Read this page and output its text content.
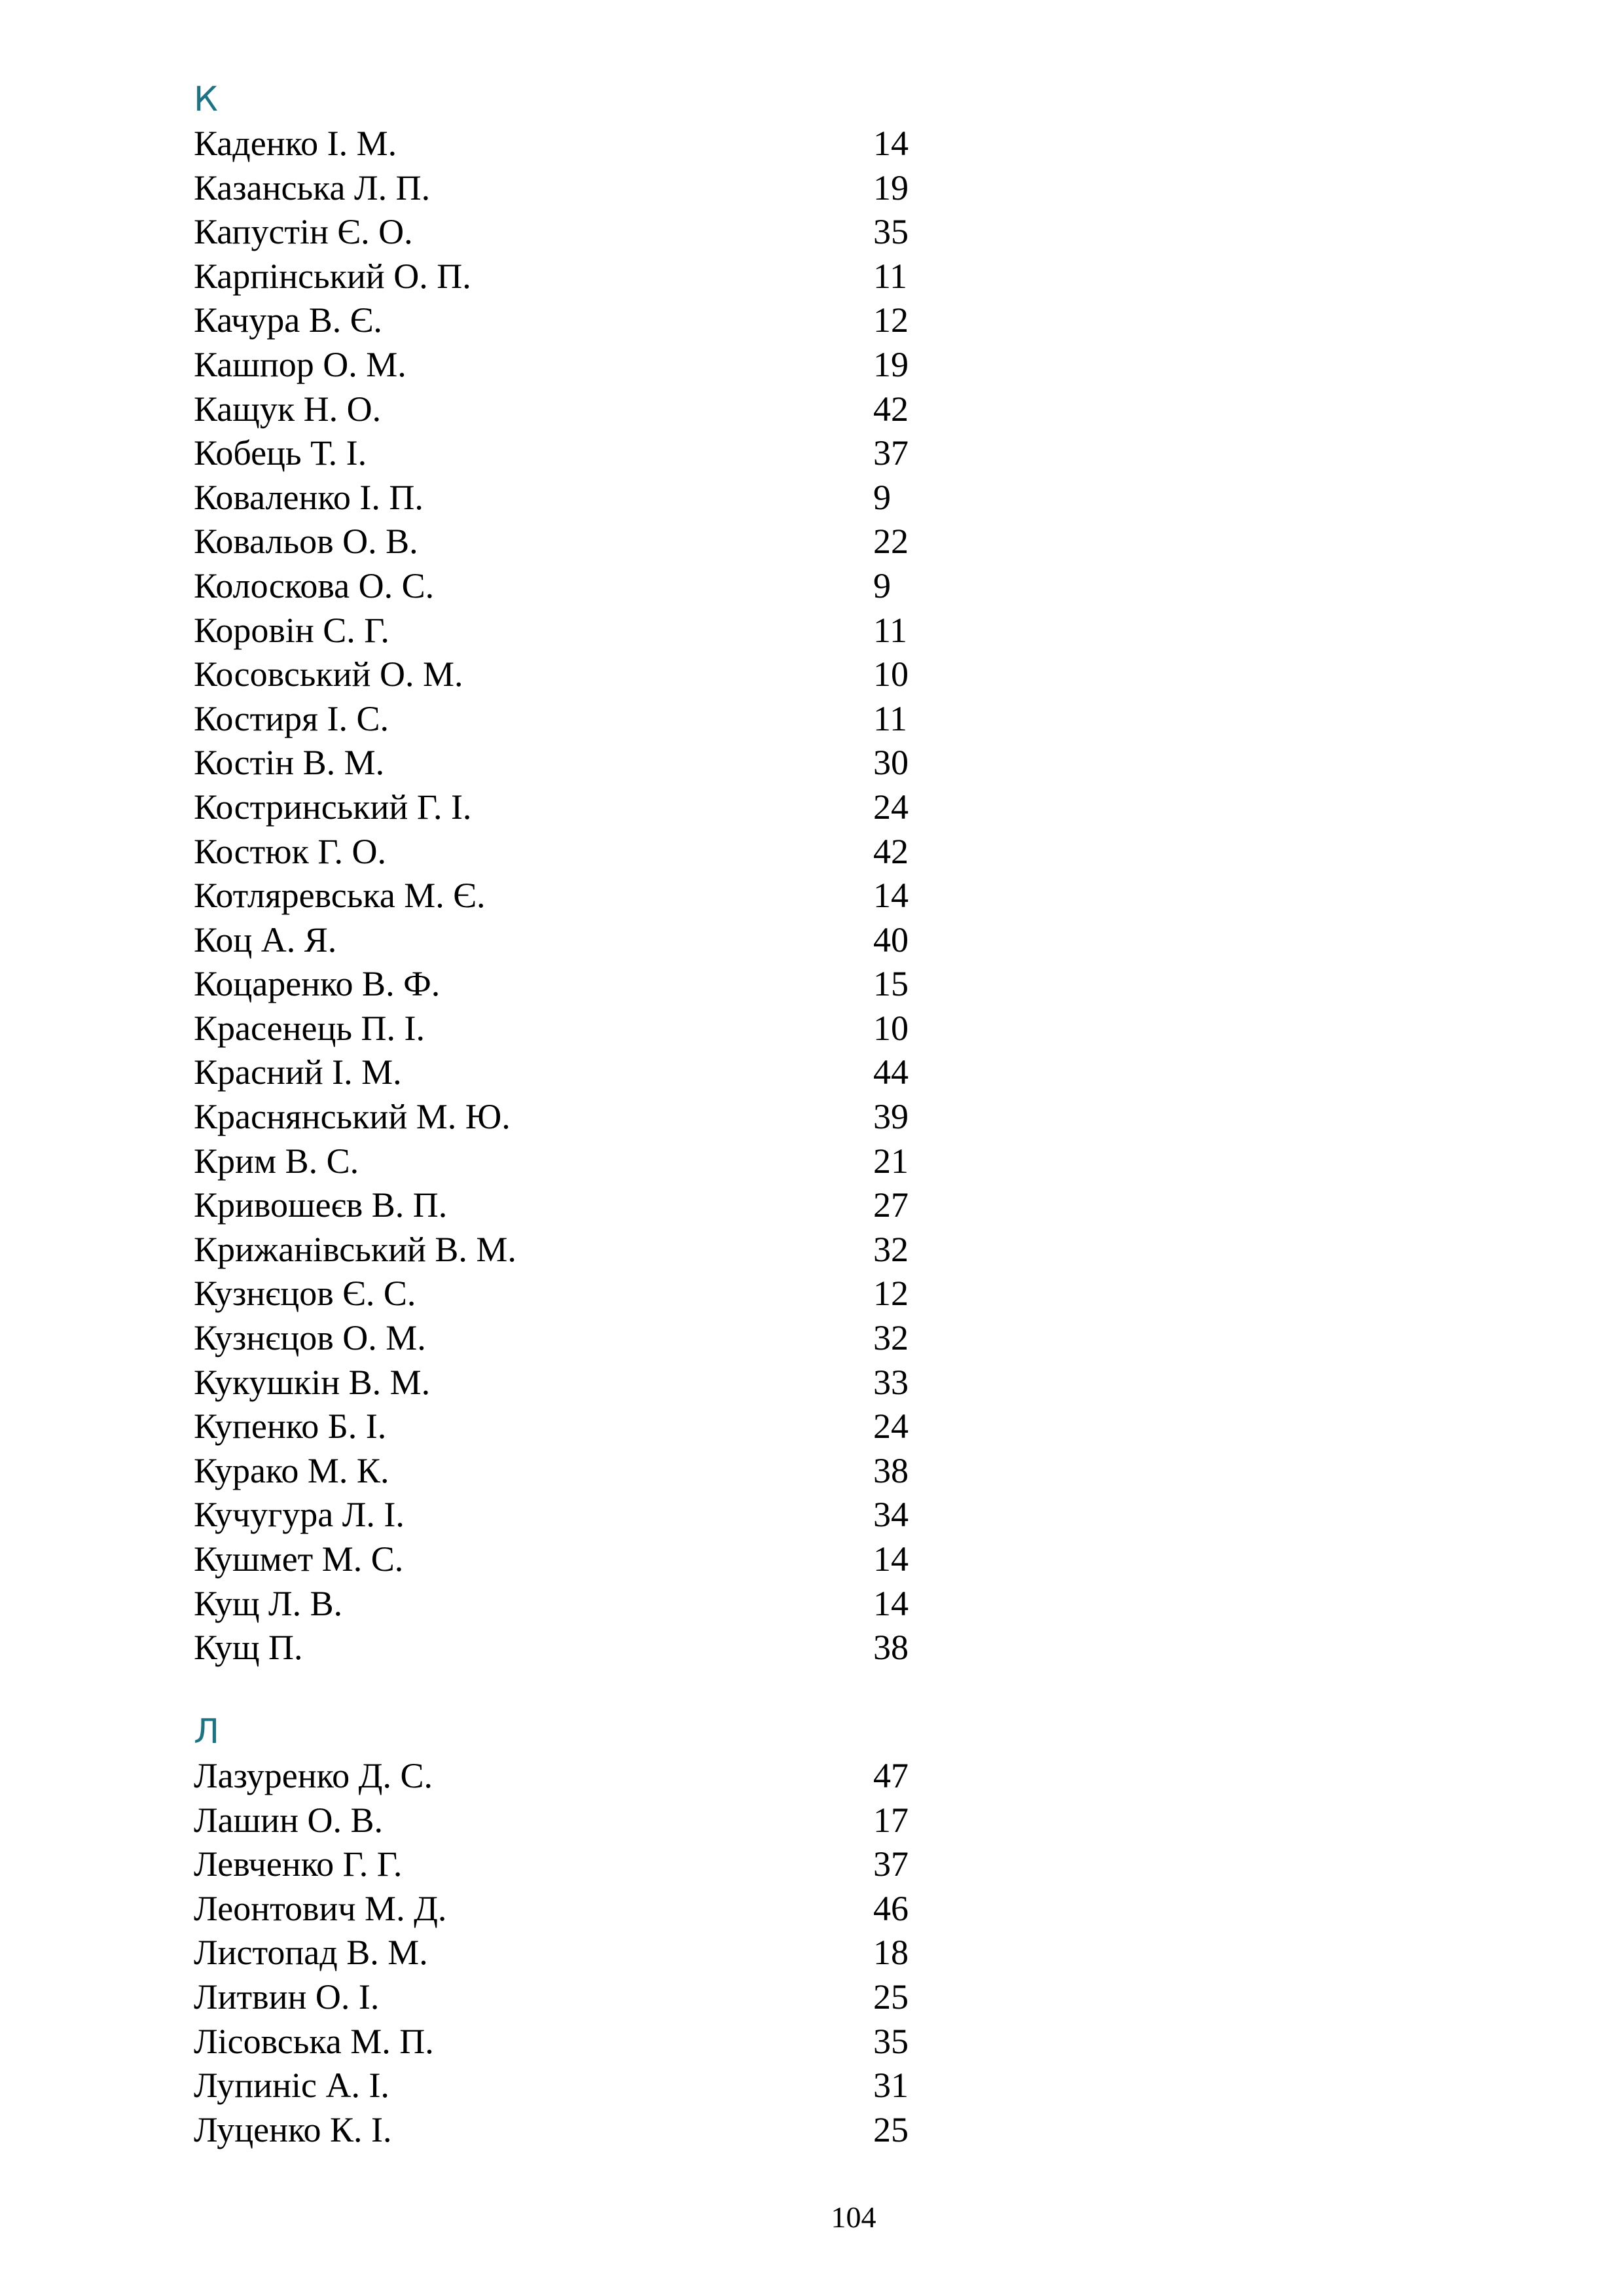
К
Каденко І. М.	14
Казанська Л. П.	19
Капустін Є. О.	35
Карпінський О. П.	11
Качура В. Є.	12
Кашпор О. М.	19
Кащук Н. О.	42
Кобець Т. І.	37
Коваленко І. П.	9
Ковальов О. В.	22
Колоскова О. С.	9
Коровін С. Г.	11
Косовський О. М.	10
Костиря І. С.	11
Костін В. М.	30
Костринський Г. І.	24
Костюк Г. О.	42
Котляревська М. Є.	14
Коц А. Я.	40
Коцаренко В. Ф.	15
Красенець П. І.	10
Красний І. М.	44
Краснянський М. Ю.	39
Крим В. С.	21
Кривошеєв В. П.	27
Крижанівський В. М.	32
Кузнєцов Є. С.	12
Кузнєцов О. М.	32
Кукушкін В. М.	33
Купенко Б. І.	24
Курако М. К.	38
Кучугура Л. І.	34
Кушмет М. С.	14
Кущ Л. В.	14
Кущ П.	38
Л
Лазуренко Д. С.	47
Лашин О. В.	17
Левченко Г. Г.	37
Леонтович М. Д.	46
Листопад В. М.	18
Литвин О. І.	25
Лісовська М. П.	35
Лупиніс А. І.	31
Луценко К. І.	25
104
